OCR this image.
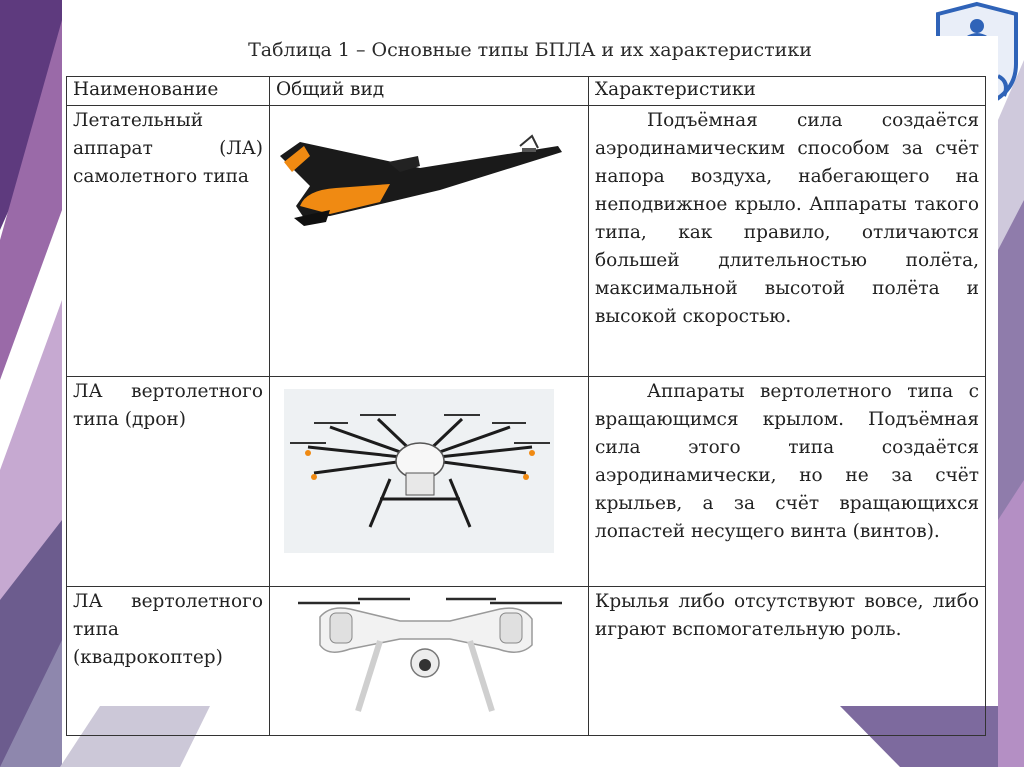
Таблица 1 – Основные типы БПЛА и их характеристики
Наименование	Общий вид	Характеристики
Летательный аппарат (ЛА) самолетного типа		Подъёмная сила создаётся аэродинамическим способом за счёт напора воздуха, набегающего на неподвижное крыло. Аппараты такого типа, как правило, отличаются большей длительностью полёта, максимальной высотой полёта и высокой скоростью.
ЛА вертолетного типа (дрон)		Аппараты вертолетного типа с вращающимся крылом. Подъёмная сила этого типа создаётся аэродинамически, но не за счёт крыльев, а за счёт вращающихся лопастей несущего винта (винтов).
ЛА вертолетного типа (квадрокоптер)		Крылья либо отсутствуют вовсе, либо играют вспомогательную роль.
